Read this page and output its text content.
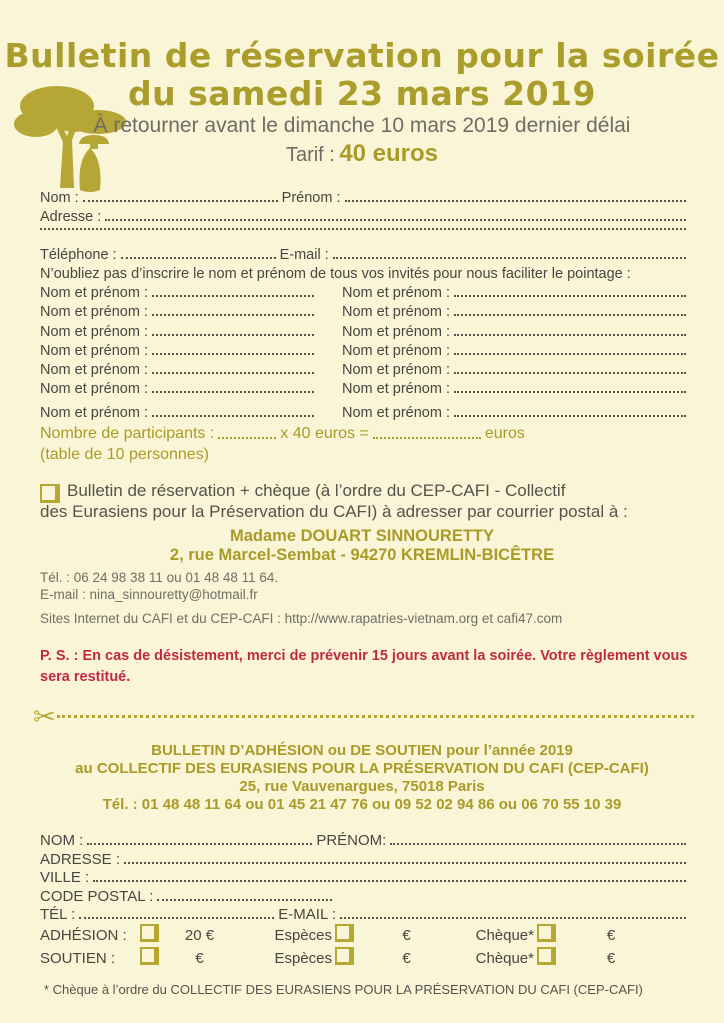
Bulletin de réservation pour la soirée
du samedi 23 mars 2019
À retourner avant le dimanche 10 mars 2019 dernier délai
Tarif : 40 euros
Nom :	Prénom :
Adresse :
Téléphone :	E-mail :
N’oubliez pas d’inscrire le nom et prénom de tous vos invités pour nous faciliter le pointage :
Nom et prénom :	Nom et prénom :
Nom et prénom :	Nom et prénom :
Nom et prénom :	Nom et prénom :
Nom et prénom :	Nom et prénom :
Nom et prénom :	Nom et prénom :
Nom et prénom :	Nom et prénom :
Nom et prénom :	Nom et prénom :
Nombre de participants :	x 40 euros =	euros
(table de 10 personnes)
Bulletin de réservation + chèque (à l’ordre du CEP-CAFI - Collectif
des Eurasiens pour la Préservation du CAFI) à adresser par courrier postal à :
Madame DOUART SINNOURETTY
2, rue Marcel-Sembat - 94270 KREMLIN-BICÊTRE
Tél. : 06 24 98 38 11 ou 01 48 48 11 64.
E-mail : nina_sinnouretty@hotmail.fr
Sites Internet du CAFI et du CEP-CAFI : http://www.rapatries-vietnam.org et cafi47.com
P. S. : En cas de désistement, merci de prévenir 15 jours avant la soirée. Votre règlement vous sera restitué.
✂
BULLETIN D’ADHÉSION ou DE SOUTIEN pour l’année 2019
au COLLECTIF DES EURASIENS POUR LA PRÉSERVATION DU CAFI (CEP-CAFI)
25, rue Vauvenargues, 75018 Paris
Tél. : 01 48 48 11 64 ou 01 45 21 47 76 ou 09 52 02 94 86 ou 06 70 55 10 39
NOM :	PRÉNOM:
ADRESSE :
VILLE :
CODE POSTAL :
TÉL :	E-MAIL :
ADHÉSION :	20 €	Espèces	€	Chèque*	€
SOUTIEN :	€	Espèces	€	Chèque*	€
* Chèque à l’ordre du COLLECTIF DES EURASIENS POUR LA PRÉSERVATION DU CAFI (CEP-CAFI)
